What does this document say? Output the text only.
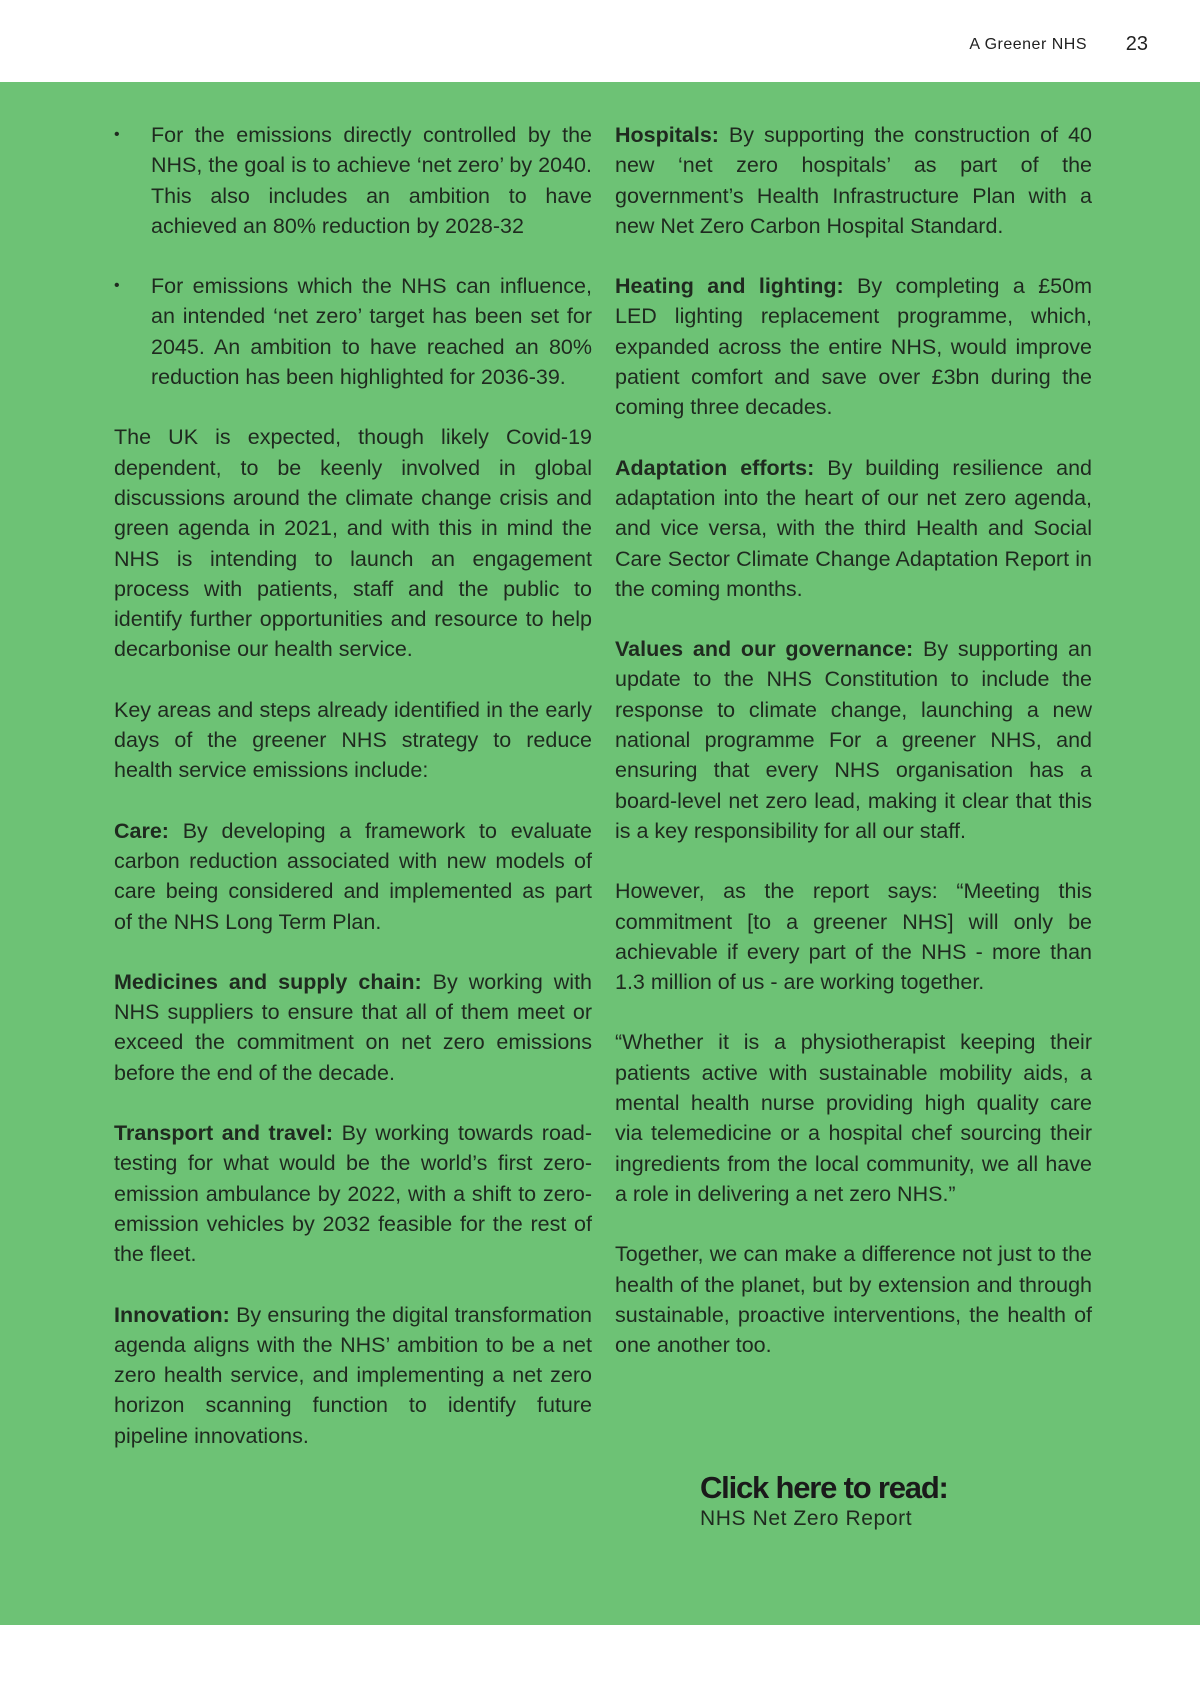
A Greener NHS 23
• For the emissions directly controlled by the NHS, the goal is to achieve ‘net zero’ by 2040. This also includes an ambition to have achieved an 80% reduction by 2028-32
• For emissions which the NHS can influence, an intended ‘net zero’ target has been set for 2045. An ambition to have reached an 80% reduction has been highlighted for 2036-39.

The UK is expected, though likely Covid-19 dependent, to be keenly involved in global discussions around the climate change crisis and green agenda in 2021, and with this in mind the NHS is intending to launch an engagement process with patients, staff and the public to identify further opportunities and resource to help decarbonise our health service.

Key areas and steps already identified in the early days of the greener NHS strategy to reduce health service emissions include:

Care: By developing a framework to evaluate carbon reduction associated with new models of care being considered and implemented as part of the NHS Long Term Plan.

Medicines and supply chain: By working with NHS suppliers to ensure that all of them meet or exceed the commitment on net zero emissions before the end of the decade.

Transport and travel: By working towards road-testing for what would be the world’s first zero-emission ambulance by 2022, with a shift to zero-emission vehicles by 2032 feasible for the rest of the fleet.

Innovation: By ensuring the digital transformation agenda aligns with the NHS’ ambition to be a net zero health service, and implementing a net zero horizon scanning function to identify future pipeline innovations.

Hospitals: By supporting the construction of 40 new ‘net zero hospitals’ as part of the government’s Health Infrastructure Plan with a new Net Zero Carbon Hospital Standard.

Heating and lighting: By completing a £50m LED lighting replacement programme, which, expanded across the entire NHS, would improve patient comfort and save over £3bn during the coming three decades.

Adaptation efforts: By building resilience and adaptation into the heart of our net zero agenda, and vice versa, with the third Health and Social Care Sector Climate Change Adaptation Report in the coming months.

Values and our governance: By supporting an update to the NHS Constitution to include the response to climate change, launching a new national programme For a greener NHS, and ensuring that every NHS organisation has a board-level net zero lead, making it clear that this is a key responsibility for all our staff.

However, as the report says: “Meeting this commitment [to a greener NHS] will only be achievable if every part of the NHS - more than 1.3 million of us - are working together.

“Whether it is a physiotherapist keeping their patients active with sustainable mobility aids, a mental health nurse providing high quality care via telemedicine or a hospital chef sourcing their ingredients from the local community, we all have a role in delivering a net zero NHS.”

Together, we can make a difference not just to the health of the planet, but by extension and through sustainable, proactive interventions, the health of one another too.

Click here to read:
NHS Net Zero Report
